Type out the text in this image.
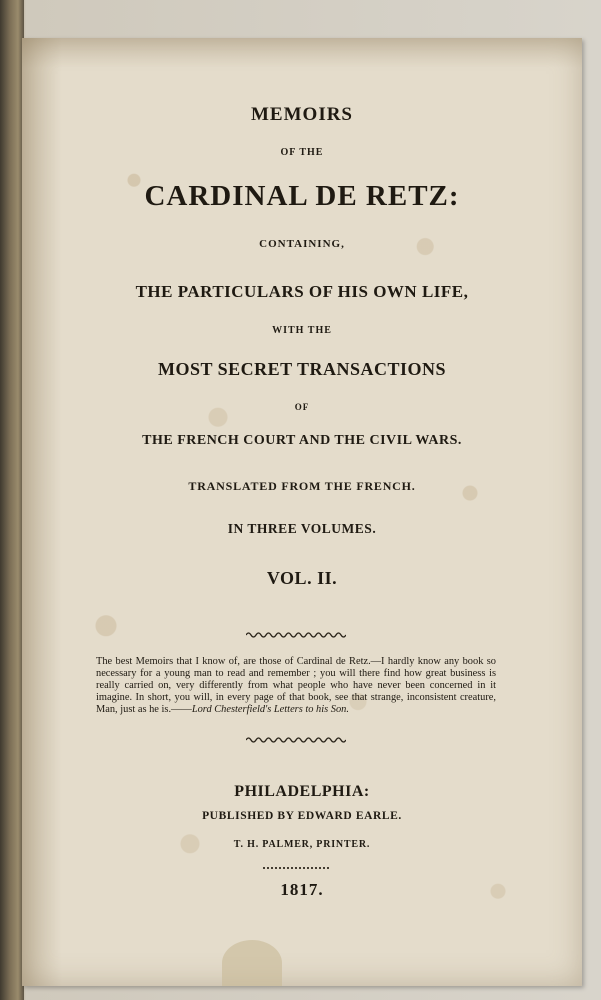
MEMOIRS
OF THE
CARDINAL DE RETZ:
CONTAINING,
THE PARTICULARS OF HIS OWN LIFE,
WITH THE
MOST SECRET TRANSACTIONS
OF
THE FRENCH COURT AND THE CIVIL WARS.
TRANSLATED FROM THE FRENCH.
IN THREE VOLUMES.
VOL. II.
The best Memoirs that I know of, are those of Cardinal de Retz.—I hardly know any book so necessary for a young man to read and remember ; you will there find how great business is really carried on, very differently from what people who have never been concerned in it imagine. In short, you will, in every page of that book, see that strange, inconsistent creature, Man, just as he is.——Lord Chesterfield's Letters to his Son.
PHILADELPHIA:
PUBLISHED BY EDWARD EARLE.
T. H. PALMER, PRINTER.
1817.
